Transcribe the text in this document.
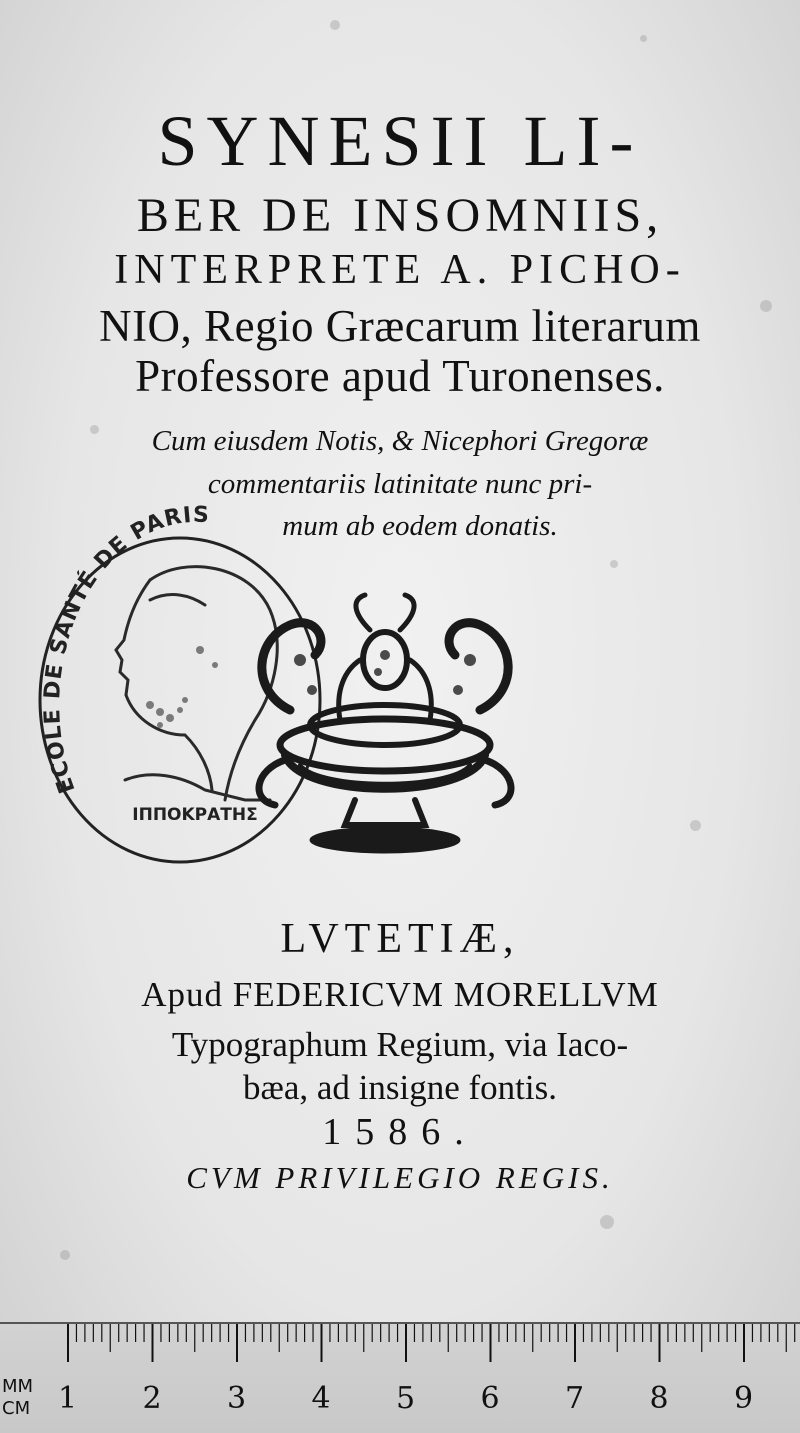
SYNESII LI-
BER DE INSOMNIIS,
INTERPRETE A. PICHO-
NIO, Regio Græcarum literarum
Professore apud Turonenses.
Cum eiusdem Notis, & Nicephori Gregoræ
commentariis latinitate nunc pri-
mum ab eodem donatis.
ECOLE DE SANTÉ DE PARIS
ΙΠΠΟΚΡΑΤΗΣ
LVTETIÆ,
Apud FEDERICVM MORELLVM
Typographum Regium, via Iaco-
bæa, ad insigne fontis.
1586.
CVM PRIVILEGIO REGIS.
MM
CM 1 2 3 4 5 6 7 8 9
